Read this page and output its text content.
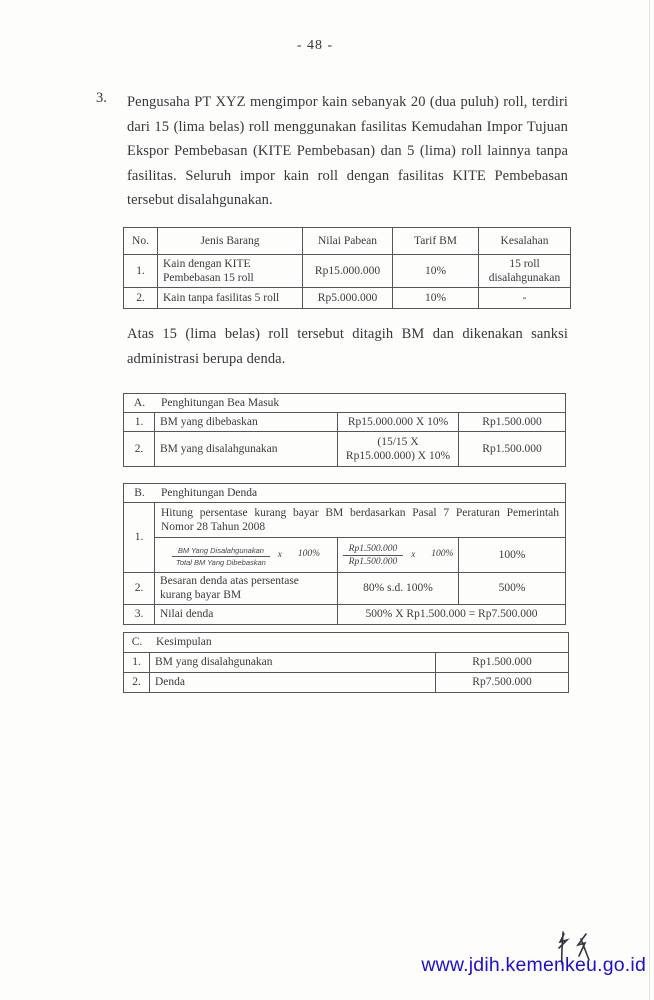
- 48 -
3. Pengusaha PT XYZ mengimpor kain sebanyak 20 (dua puluh) roll, terdiri dari 15 (lima belas) roll menggunakan fasilitas Kemudahan Impor Tujuan Ekspor Pembebasan (KITE Pembebasan) dan 5 (lima) roll lainnya tanpa fasilitas. Seluruh impor kain roll dengan fasilitas KITE Pembebasan tersebut disalahgunakan.
No.	Jenis Barang	Nilai Pabean	Tarif BM	Kesalahan
1.	Kain dengan KITE Pembebasan 15 roll	Rp15.000.000	10%	15 roll disalahgunakan
2.	Kain tanpa fasilitas 5 roll	Rp5.000.000	10%	-
Atas 15 (lima belas) roll tersebut ditagih BM dan dikenakan sanksi administrasi berupa denda.
A. Penghitungan Bea Masuk			

1.	BM yang dibebaskan	Rp15.000.000 X 10%	Rp1.500.000
2.	BM yang disalahgunakan	(15/15 X Rp15.000.000) X 10%	Rp1.500.000
B. Penghitungan Denda			

1.	Hitung persentase kurang bayar BM berdasarkan Pasal 7 Peraturan Pemerintah Nomor 28 Tahun 2008		

	$\frac{\text{BM Yang Disalahgunakan}}{\text{Total BM Yang Dibebaskan}}$ x 100%	$\frac{Rp1.500.000}{Rp1.500.000}$ x 100%	100%
2.	Besaran denda atas persentase kurang bayar BM	80% s.d. 100%	500%
3.	Nilai denda	500% X Rp1.500.000 = Rp7.500.000	
C. Kesimpulan		

1.	BM yang disalahgunakan	Rp1.500.000
2.	Denda	Rp7.500.000
www.jdih.kemenkeu.go.id
